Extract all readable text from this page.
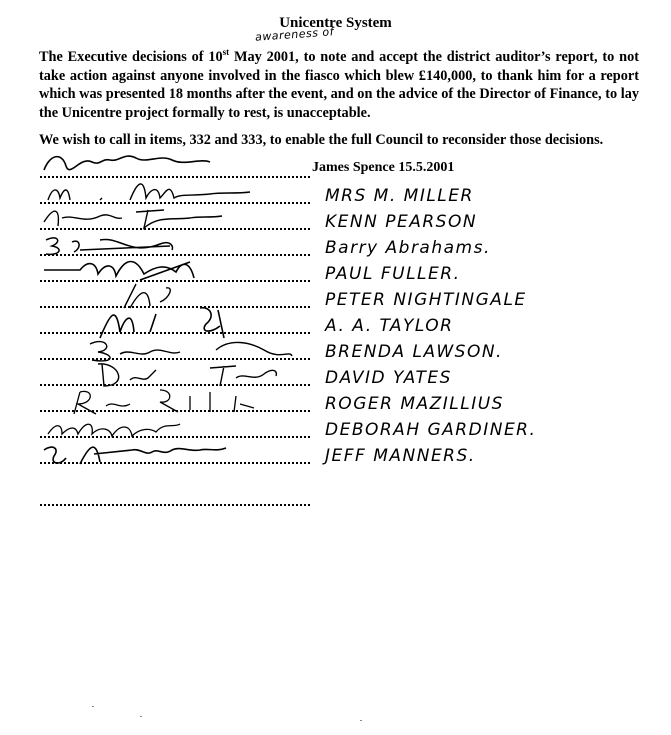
Unicentre System
awareness of
The Executive decisions of 10st May 2001, to note and accept the district auditor’s report, to not take action against anyone involved in the fiasco which blew £140,000, to thank him for a report which was presented 18 months after the event, and on the advice of the Director of Finance, to lay the Unicentre project formally to rest, is unacceptable.
We wish to call in items, 332 and 333, to enable the full Council to reconsider those decisions.
James Spence 15.5.2001
MRS M. MILLER
KENN PEARSON
Barry Abrahams.
PAUL FULLER.
PETER NIGHTINGALE
A. A. TAYLOR
BRENDA LAWSON.
DAVID YATES
ROGER MAZILLIUS
DEBORAH GARDINER.
JEFF MANNERS.
